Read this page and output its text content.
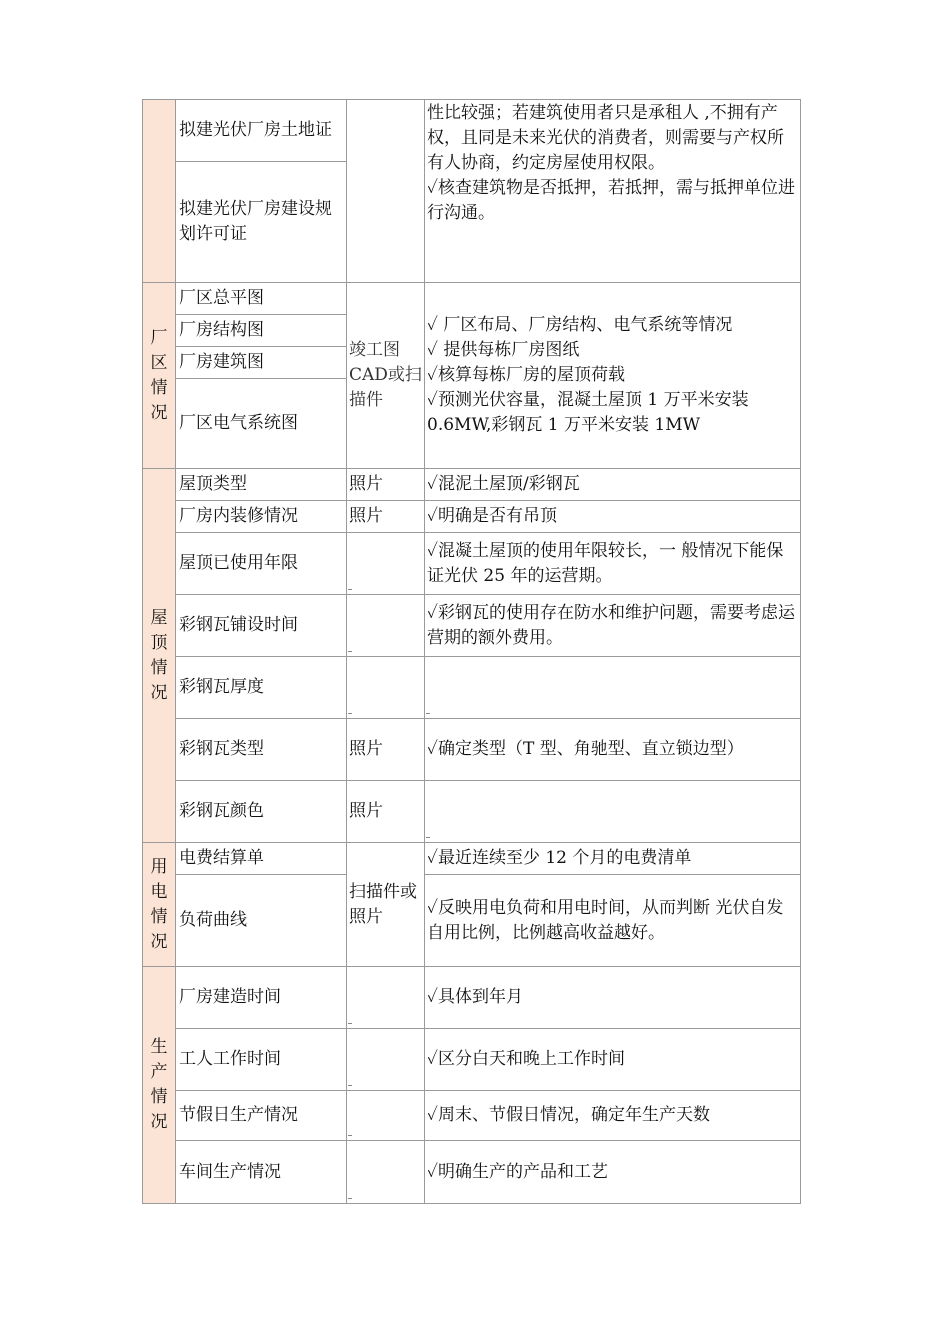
	拟建光伏厂房土地证		性比较强；若建筑使用者只是承租人 ,不拥有产权，且同是未来光伏的消费者，则需要与产权所有人协商，约定房屋使用权限。
✓核查建筑物是否抵押，若抵押，需与抵押单位进行沟通。

	拟建光伏厂房建设规划许可证		
厂区情况	厂区总平图	竣工图CAD或扫描件	✓ 厂区布局、厂房结构、电气系统等情况
✓ 提供每栋厂房图纸
✓核算每栋厂房的屋顶荷载
✓预测光伏容量，混凝土屋顶 1 万平米安装 0.6MW,彩钢瓦 1 万平米安装 1MW

	厂房结构图		
	厂房建筑图		
	厂区电气系统图		
屋顶情况	屋顶类型	照片	✓混泥土屋顶/彩钢瓦
	厂房内装修情况	照片	✓明确是否有吊顶
	屋顶已使用年限		✓混凝土屋顶的使用年限较长，一 般情况下能保证光伏 25 年的运营期。
	彩钢瓦铺设时间		✓彩钢瓦的使用存在防水和维护问题，需要考虑运营期的额外费用。
	彩钢瓦厚度	

	彩钢瓦类型	照片	✓确定类型（T 型、角驰型、直立锁边型）
	彩钢瓦颜色	照片	

用电情况	电费结算单	扫描件或照片	✓最近连续至少 12 个月的电费清单
	负荷曲线		✓反映用电负荷和用电时间，从而判断 光伏自发自用比例，比例越高收益越好。
生产情况	厂房建造时间		✓具体到年月
	工人工作时间		✓区分白天和晚上工作时间
	节假日生产情况		✓周末、节假日情况，确定年生产天数
	车间生产情况		✓明确生产的产品和工艺
